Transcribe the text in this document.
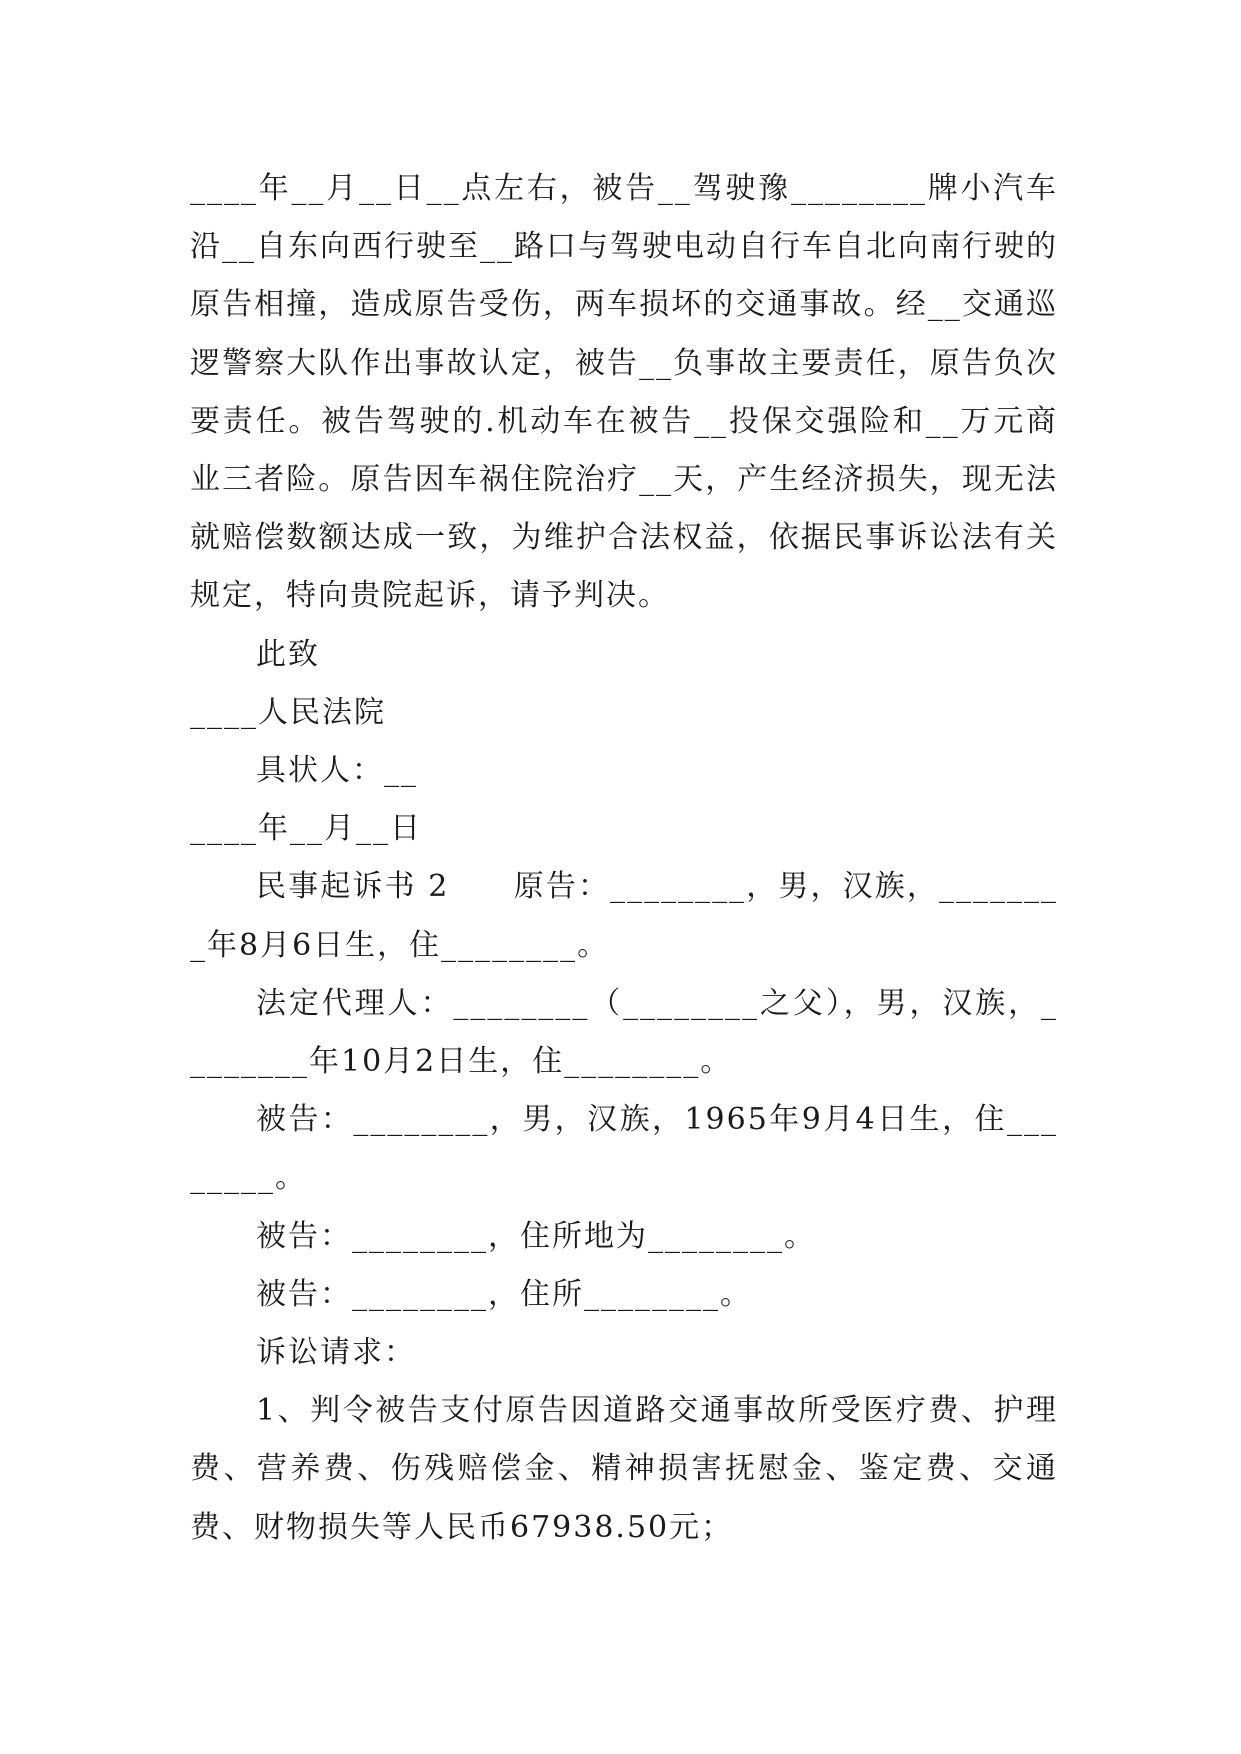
____年__月__日__点左右，被告__驾驶豫________牌小汽车沿__自东向西行驶至__路口与驾驶电动自行车自北向南行驶的原告相撞，造成原告受伤，两车损坏的交通事故。经__交通巡逻警察大队作出事故认定，被告__负事故主要责任，原告负次要责任。被告驾驶的.机动车在被告__投保交强险和__万元商业三者险。原告因车祸住院治疗__天，产生经济损失，现无法就赔偿数额达成一致，为维护合法权益，依据民事诉讼法有关规定，特向贵院起诉，请予判决。

此致

____人民法院

具状人：__

____年__月__日

民事起诉书 2　　原告：________，男，汉族，________年8月6日生，住________。

法定代理人：________（________之父），男，汉族，________年10月2日生，住________。

被告：________，男，汉族，1965年9月4日生，住________。

被告：________，住所地为________。

被告：________，住所________。

诉讼请求：

1、判令被告支付原告因道路交通事故所受医疗费、护理费、营养费、伤残赔偿金、精神损害抚慰金、鉴定费、交通费、财物损失等人民币67938.50元；
